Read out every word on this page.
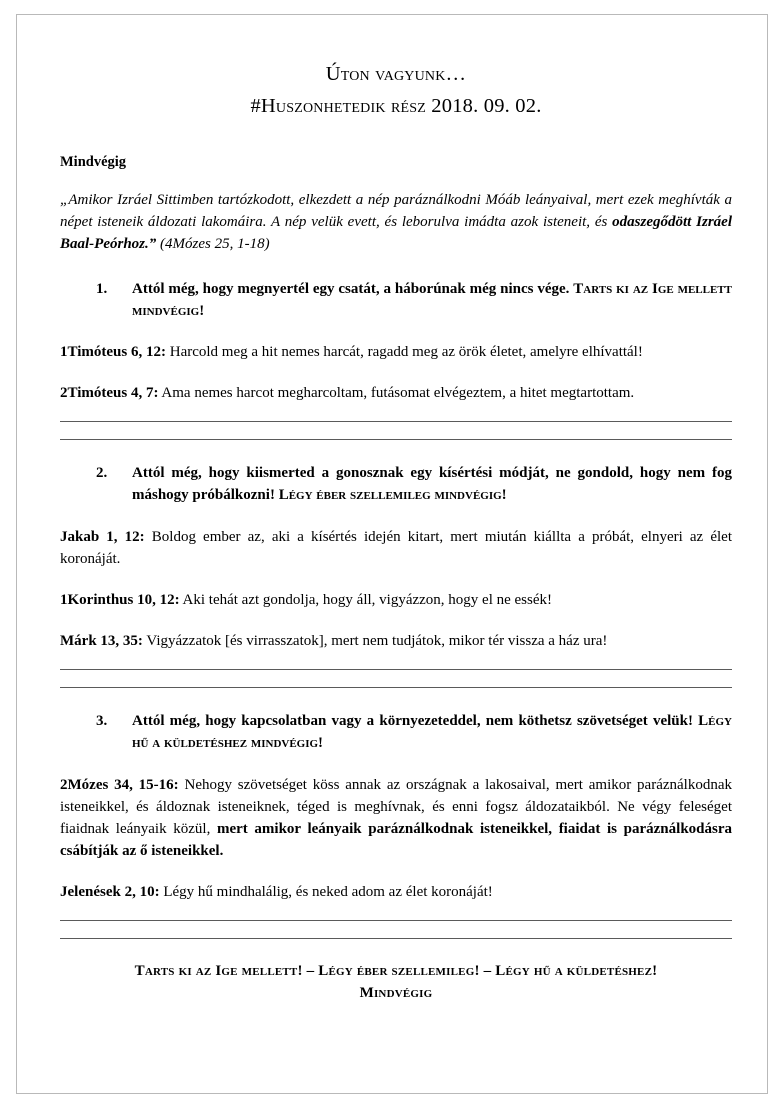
Úton vagyunk…
#Huszonhetedik rész 2018. 09. 02.

Mindvégig

„Amikor Izráel Sittimben tartózkodott, elkezdett a nép paráználkodni Móáb leányaival, mert ezek meghívták a népet isteneik áldozati lakomáira. A nép velük evett, és leborulva imádta azok isteneit, és odaszegődött Izráel Baal-Peórhoz.” (4Mózes 25, 1-18)

1. Attól még, hogy megnyertél egy csatát, a háborúnak még nincs vége. Tarts ki az Ige mellett mindvégig!

1Timóteus 6, 12: Harcold meg a hit nemes harcát, ragadd meg az örök életet, amelyre elhívattál!

2Timóteus 4, 7: Ama nemes harcot megharcoltam, futásomat elvégeztem, a hitet megtartottam.

2. Attól még, hogy kiismerted a gonosznak egy kísértési módját, ne gondold, hogy nem fog máshogy próbálkozni! Légy éber szellemileg mindvégig!

Jakab 1, 12: Boldog ember az, aki a kísértés idején kitart, mert miután kiállta a próbát, elnyeri az élet koronáját.

1Korinthus 10, 12: Aki tehát azt gondolja, hogy áll, vigyázzon, hogy el ne essék!

Márk 13, 35: Vigyázzatok [és virrasszatok], mert nem tudjátok, mikor tér vissza a ház ura!

3. Attól még, hogy kapcsolatban vagy a környezeteddel, nem köthetsz szövetséget velük! Légy hű a küldetéshez mindvégig!

2Mózes 34, 15-16: Nehogy szövetséget köss annak az országnak a lakosaival, mert amikor paráználkodnak isteneikkel, és áldoznak isteneiknek, téged is meghívnak, és enni fogsz áldozataikból. Ne végy feleséget fiaidnak leányaik közül, mert amikor leányaik paráználkodnak isteneikkel, fiaidat is paráználkodásra csábítják az ő isteneikkel.

Jelenések 2, 10: Légy hű mindhalálig, és neked adom az élet koronáját!

Tarts ki az Ige mellett! – Légy éber szellemileg! – Légy hű a küldetéshez!
Mindvégig
